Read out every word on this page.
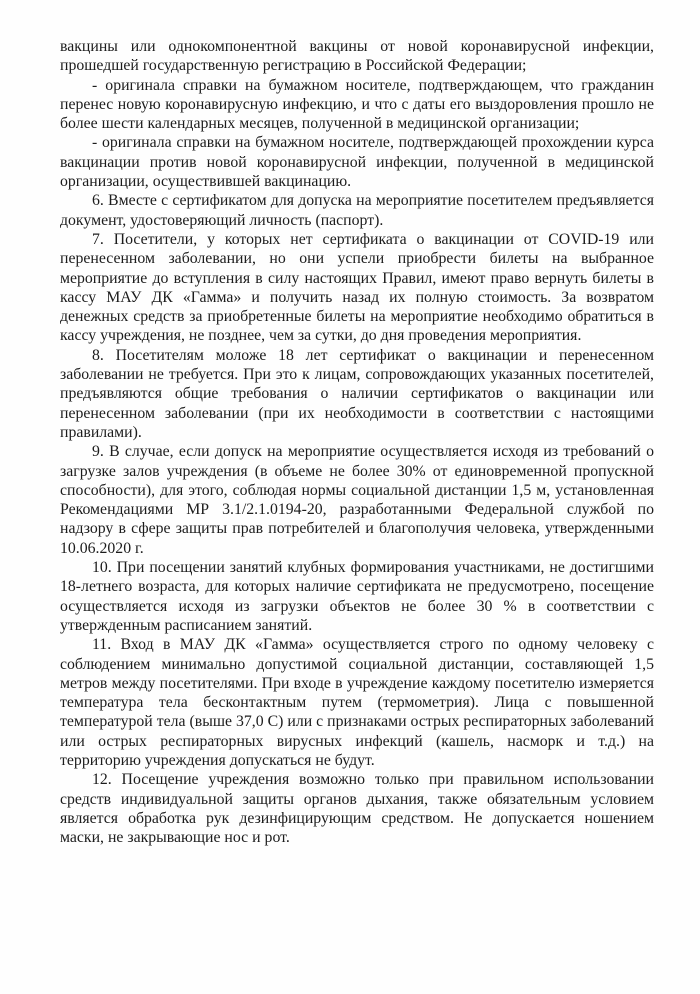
вакцины или однокомпонентной вакцины от новой коронавирусной инфекции, прошедшей государственную регистрацию в Российской Федерации;

- оригинала справки на бумажном носителе, подтверждающем, что гражданин перенес новую коронавирусную инфекцию, и что с даты его выздоровления прошло не более шести календарных месяцев, полученной в медицинской организации;

- оригинала справки на бумажном носителе, подтверждающей прохождении курса вакцинации против новой коронавирусной инфекции, полученной в медицинской организации, осуществившей вакцинацию.

6. Вместе с сертификатом для допуска на мероприятие посетителем предъявляется документ, удостоверяющий личность (паспорт).

7. Посетители, у которых нет сертификата о вакцинации от COVID-19 или перенесенном заболевании, но они успели приобрести билеты на выбранное мероприятие до вступления в силу настоящих Правил, имеют право вернуть билеты в кассу МАУ ДК «Гамма» и получить назад их полную стоимость. За возвратом денежных средств за приобретенные билеты на мероприятие необходимо обратиться в кассу учреждения, не позднее, чем за сутки, до дня проведения мероприятия.

8. Посетителям моложе 18 лет сертификат о вакцинации и перенесенном заболевании не требуется. При это к лицам, сопровождающих указанных посетителей, предъявляются общие требования о наличии сертификатов о вакцинации или перенесенном заболевании (при их необходимости в соответствии с настоящими правилами).

9. В случае, если допуск на мероприятие осуществляется исходя из требований о загрузке залов учреждения (в объеме не более 30% от единовременной пропускной способности), для этого, соблюдая нормы социальной дистанции 1,5 м, установленная Рекомендациями МР 3.1/2.1.0194-20, разработанными Федеральной службой по надзору в сфере защиты прав потребителей и благополучия человека, утвержденными 10.06.2020 г.

10. При посещении занятий клубных формирования участниками, не достигшими 18-летнего возраста, для которых наличие сертификата не предусмотрено, посещение осуществляется исходя из загрузки объектов не более 30 % в соответствии с утвержденным расписанием занятий.

11. Вход в МАУ ДК «Гамма» осуществляется строго по одному человеку с соблюдением минимально допустимой социальной дистанции, составляющей 1,5 метров между посетителями. При входе в учреждение каждому посетителю измеряется температура тела бесконтактным путем (термометрия). Лица с повышенной температурой тела (выше 37,0 С) или с признаками острых респираторных заболеваний или острых респираторных вирусных инфекций (кашель, насморк и т.д.) на территорию учреждения допускаться не будут.

12. Посещение учреждения возможно только при правильном использовании средств индивидуальной защиты органов дыхания, также обязательным условием является обработка рук дезинфицирующим средством. Не допускается ношением маски, не закрывающие нос и рот.
